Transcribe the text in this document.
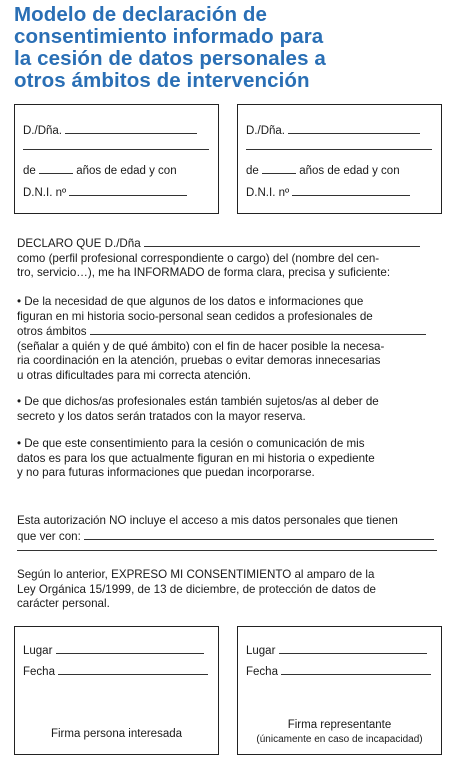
Modelo de declaración de
consentimiento informado para
la cesión de datos personales a
otros ámbitos de intervención
D./Dña.
de	años de edad y con
D.N.I. nº
D./Dña.
de	años de edad y con
D.N.I. nº
DECLARO QUE D./Dña

como (perfil profesional correspondiente o cargo) del (nombre del cen-

tro, servicio…), me ha INFORMADO de forma clara, precisa y suficiente:

• De la necesidad de que algunos de los datos e informaciones que

figuran en mi historia socio-personal sean cedidos a profesionales de

otros ámbitos

(señalar a quién y de qué ámbito) con el fin de hacer posible la necesa-

ria coordinación en la atención, pruebas o evitar demoras innecesarias

u otras dificultades para mi correcta atención.

• De que dichos/as profesionales están también sujetos/as al deber de

secreto y los datos serán tratados con la mayor reserva.

• De que este consentimiento para la cesión o comunicación de mis

datos es para los que actualmente figuran en mi historia o expediente

y no para futuras informaciones que puedan incorporarse.

Esta autorización NO incluye el acceso a mis datos personales que tienen

que ver con:

Según lo anterior, EXPRESO MI CONSENTIMIENTO al amparo de la

Ley Orgánica 15/1999, de 13 de diciembre, de protección de datos de

carácter personal.

Lugar
Fecha
Firma persona interesada
Lugar
Fecha
Firma representante
(únicamente en caso de incapacidad)
